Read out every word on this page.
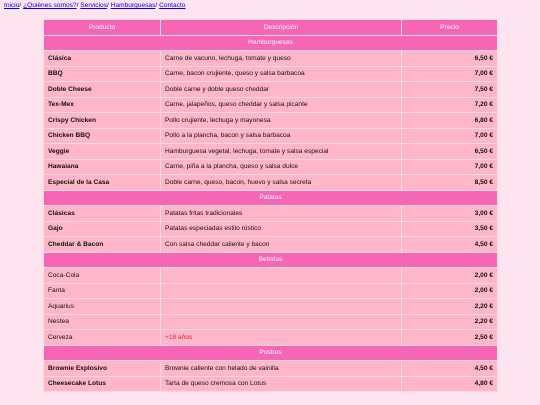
Inicio/ ¿Quiénes somos?/ Servicios/ Hamburguesas/ Contacto
Producto	Descripción	Precio
Hamburguesas		
Clásica	Carne de vacuno, lechuga, tomate y queso	6,50 €
BBQ	Carne, bacon crujiente, queso y salsa barbacoa	7,00 €
Doble Cheese	Doble carne y doble queso cheddar	7,50 €
Tex-Mex	Carne, jalapeños, queso cheddar y salsa picante	7,20 €
Crispy Chicken	Pollo crujiente, lechuga y mayonesa	6,80 €
Chicken BBQ	Pollo a la plancha, bacon y salsa barbacoa	7,00 €
Veggie	Hamburguesa vegetal, lechuga, tomate y salsa especial	6,50 €
Hawaiana	Carne, piña a la plancha, queso y salsa dulce	7,00 €
Especial de la Casa	Doble carne, queso, bacon, huevo y salsa secreta	8,50 €
Patatas		
Clásicas	Patatas fritas tradicionales	3,00 €
Gajo	Patatas especiadas estilo rústico	3,50 €
Cheddar & Bacon	Con salsa cheddar caliente y bacon	4,50 €
Bebidas		
Coca-Cola		2,00 €
Fanta		2,00 €
Aquarius		2,20 €
Nestea		2,20 €
Cerveza	+18 años	2,50 €
Postres		
Brownie Explosivo	Brownie caliente con helado de vainilla	4,50 €
Cheesecake Lotus	Tarta de queso cremosa con Lotus	4,80 €
